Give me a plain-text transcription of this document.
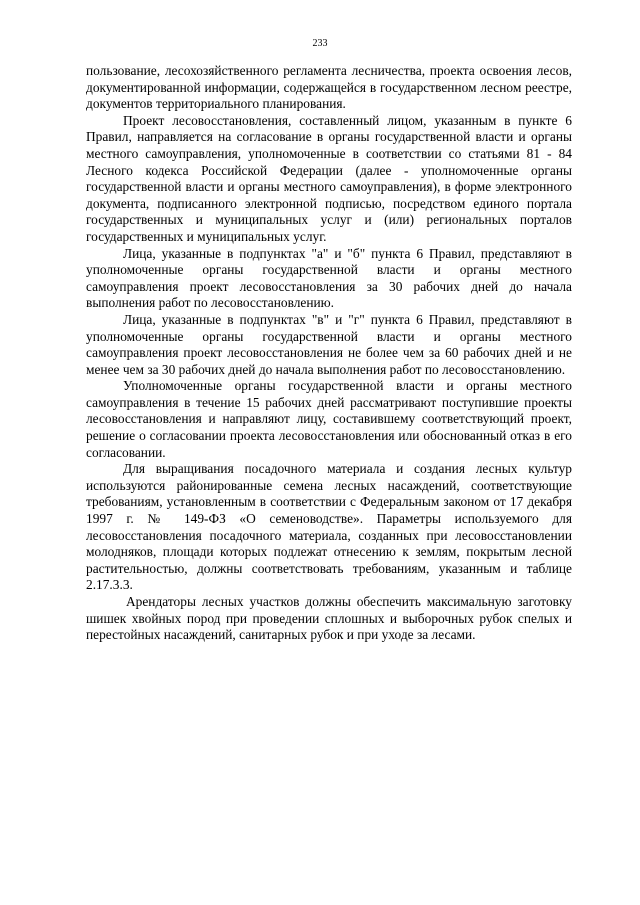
233

пользование, лесохозяйственного регламента лесничества, проекта освоения лесов, документированной информации, содержащейся в государственном лесном реестре, документов территориального планирования.

Проект лесовосстановления, составленный лицом, указанным в пункте 6 Правил, направляется на согласование в органы государственной власти и органы местного самоуправления, уполномоченные в соответствии со статьями 81 - 84 Лесного кодекса Российской Федерации (далее - уполномоченные органы государственной власти и органы местного самоуправления), в форме электронного документа, подписанного электронной подписью, посредством единого портала государственных и муниципальных услуг и (или) региональных порталов государственных и муниципальных услуг.

Лица, указанные в подпунктах "а" и "б" пункта 6 Правил, представляют в уполномоченные органы государственной власти и органы местного самоуправления проект лесовосстановления за 30 рабочих дней до начала выполнения работ по лесовосстановлению.

Лица, указанные в подпунктах "в" и "г" пункта 6 Правил, представляют в уполномоченные органы государственной власти и органы местного самоуправления проект лесовосстановления не более чем за 60 рабочих дней и не менее чем за 30 рабочих дней до начала выполнения работ по лесовосстановлению.

Уполномоченные органы государственной власти и органы местного самоуправления в течение 15 рабочих дней рассматривают поступившие проекты лесовосстановления и направляют лицу, составившему соответствующий проект, решение о согласовании проекта лесовосстановления или обоснованный отказ в его согласовании.

Для выращивания посадочного материала и создания лесных культур используются районированные семена лесных насаждений, соответствующие требованиям, установленным в соответствии с Федеральным законом от 17 декабря 1997 г. № 149-ФЗ «О семеноводстве». Параметры используемого для лесовосстановления посадочного материала, созданных при лесовосстановлении молодняков, площади которых подлежат отнесению к землям, покрытым лесной растительностью, должны соответствовать требованиям, указанным и таблице 2.17.3.3.

Арендаторы лесных участков должны обеспечить максимальную заготовку шишек хвойных пород при проведении сплошных и выборочных рубок спелых и перестойных насаждений, санитарных рубок и при уходе за лесами.
